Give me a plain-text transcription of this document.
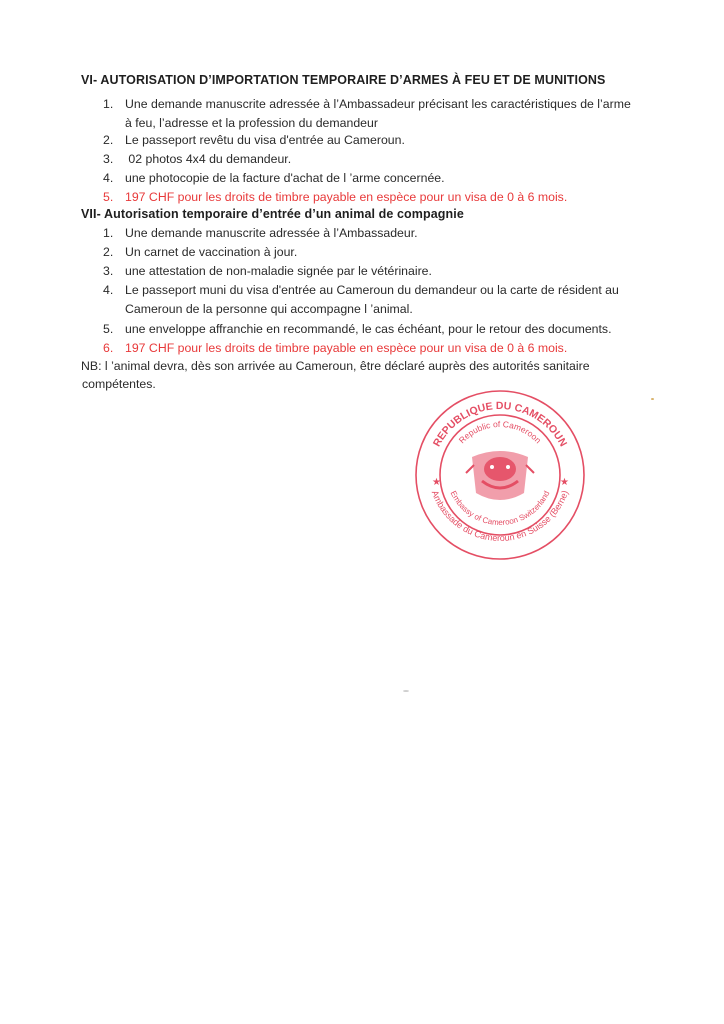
VI- AUTORISATION D’IMPORTATION TEMPORAIRE D’ARMES À FEU ET DE MUNITIONS
1. Une demande manuscrite adressée à l’Ambassadeur précisant les caractéristiques de l’arme
à feu, l’adresse et la profession du demandeur
2. Le passeport revêtu du visa d'entrée au Cameroun.
3. 02 photos 4x4 du demandeur.
4. une photocopie de la facture d'achat de l ’arme concernée.
5. 197 CHF pour les droits de timbre payable en espèce pour un visa de 0 à 6 mois.
VII- Autorisation temporaire d’entrée d’un animal de compagnie
1. Une demande manuscrite adressée à l’Ambassadeur.
2. Un carnet de vaccination à jour.
3. une attestation de non-maladie signée par le vétérinaire.
4. Le passeport muni du visa d'entrée au Cameroun du demandeur ou la carte de résident au
Cameroun de la personne qui accompagne l ’animal.
5. une enveloppe affranchie en recommandé, le cas échéant, pour le retour des documents.
6. 197 CHF pour les droits de timbre payable en espèce pour un visa de 0 à 6 mois.
NB: l ’animal devra, dès son arrivée au Cameroun, être déclaré auprès des autorités sanitaire
compétentes.
REPUBLIQUE DU CAMEROUN
Ambassade du Cameroun en Suisse (Berne)
Republic of Cameroon
Embassy of Cameroon Switzerland
★	★
